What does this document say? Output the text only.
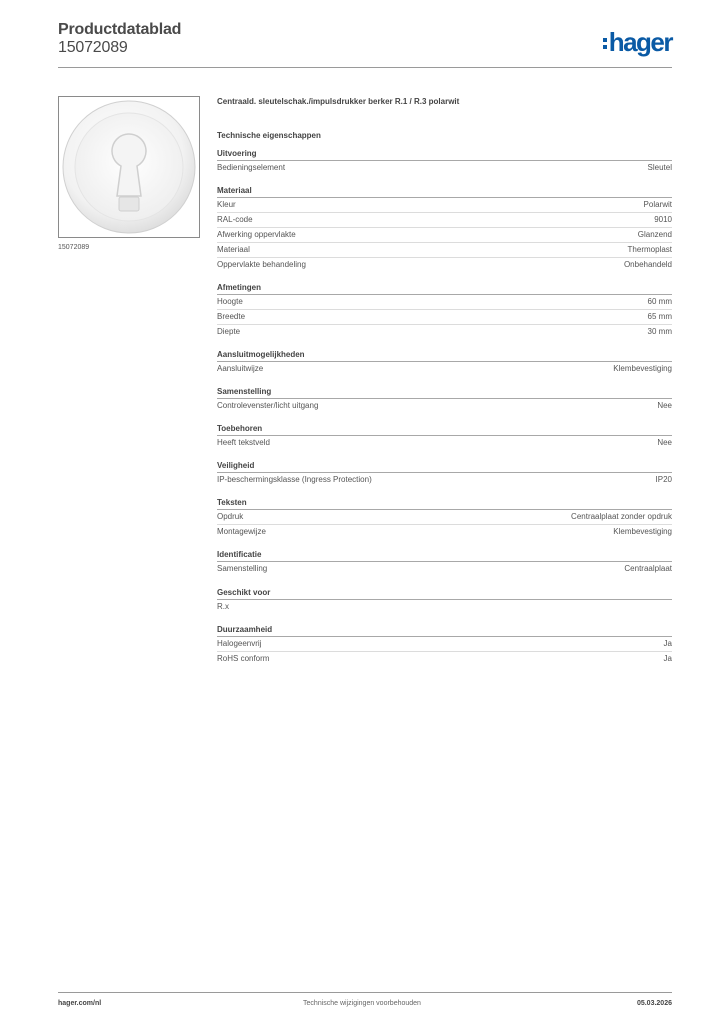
Productdatablad
15072089	hager
15072089
Centraald. sleutelschak./impulsdrukker berker R.1 / R.3 polarwit
Technische eigenschappen
Uitvoering
Bedieningselement	Sleutel
Materiaal
Kleur	Polarwit
RAL-code	9010
Afwerking oppervlakte	Glanzend
Materiaal	Thermoplast
Oppervlakte behandeling	Onbehandeld
Afmetingen
Hoogte	60 mm
Breedte	65 mm
Diepte	30 mm
Aansluitmogelijkheden
Aansluitwijze	Klembevestiging
Samenstelling
Controlevenster/licht uitgang	Nee
Toebehoren
Heeft tekstveld	Nee
Veiligheid
IP-beschermingsklasse (Ingress Protection)	IP20
Teksten
Opdruk	Centraalplaat zonder opdruk
Montagewijze	Klembevestiging
Identificatie
Samenstelling	Centraalplaat
Geschikt voor
R.x
Duurzaamheid
Halogeenvrij	Ja
RoHS conform	Ja
hager.com/nl	Technische wijzigingen voorbehouden	05.03.2026
